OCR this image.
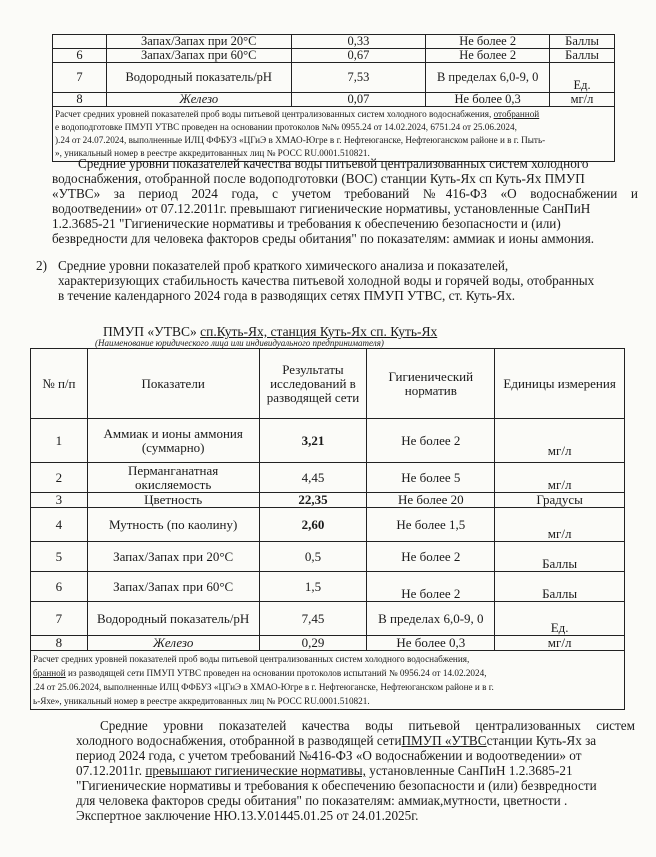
	Запах/Запах при 20°С	0,33	Не более 2	Баллы
6	Запах/Запах при 60°С	0,67	Не более 2	Баллы
7	Водородный показатель/pH	7,53	В пределах 6,0-9, 0	Ед.
8	Железо	0,07	Не более 0,3	мг/л

Расчет средних уровней показателей проб воды питьевой централизованных систем холодного водоснабжения, отобранной
е водоподготовке ПМУП УТВС проведен на основании протоколов №№ 0955.24 от 14.02.2024, 6751.24 от 25.06.2024,
).24 от 24.07.2024, выполненные ИЛЦ ФФБУЗ «ЦГиЭ в ХМАО-Югре в г. Нефтеюганске, Нефтеюганском районе и в г. Пыть-
», уникальный номер в реестре аккредитованных лиц № РОСС RU.0001.510821.				
Средние уровни показателей качества воды питьевой централизованных систем холодного
водоснабжения, отобранной после водоподготовки (ВОС) станции Куть-Ях сп Куть-Ях ПМУП
«УТВС» за период 2024 года, с учетом требований №416-ФЗ «О водоснабжении и
водоотведении» от 07.12.2011г. превышают гигиенические нормативы, установленные СанПиН
1.2.3685-21 "Гигиенические нормативы и требования к обеспечению безопасности и (или)
безвредности для человека факторов среды обитания" по показателям: аммиак и ионы аммония.
2) Средние уровни показателей проб краткого химического анализа и показателей,
характеризующих стабильность качества питьевой холодной воды и горячей воды, отобранных
в течение календарного 2024 года в разводящих сетях ПМУП УТВС, ст. Куть-Ях.
ПМУП «УТВС» сп.Куть-Ях, станция Куть-Ях сп. Куть-Ях
(Наименование юридического лица или индивидуального предпринимателя)
№ п/п	Показатели	Результаты исследований в разводящей сети	Гигиенический норматив	Единицы измерения
1	Аммиак и ионы аммония (суммарно)	3,21	Не более 2	мг/л
2	Перманганатная окисляемость	4,45	Не более 5	мг/л
3	Цветность	22,35	Не более 20	Градусы
4	Мутность (по каолину)	2,60	Не более 1,5	мг/л
5	Запах/Запах при 20°С	0,5	Не более 2	Баллы
6	Запах/Запах при 60°С	1,5	Не более 2	Баллы
7	Водородный показатель/pH	7,45	В пределах 6,0-9, 0	Ед.
8	Железо	0,29	Не более 0,3	мг/л

Расчет средних уровней показателей проб воды питьевой централизованных систем холодного водоснабжения,
бранной из разводящей сети ПМУП УТВС проведен на основании протоколов испытаний № 0956.24 от 14.02.2024,
.24 от 25.06.2024, выполненные ИЛЦ ФФБУЗ «ЦГиЭ в ХМАО-Югре в г. Нефтеюганске, Нефтеюганском районе и в г.
ь-Яхе», уникальный номер в реестре аккредитованных лиц № РОСС RU.0001.510821.				
Средние уровни показателей качества воды питьевой централизованных систем
холодного водоснабжения, отобранной в разводящей сетиПМУП «УТВСстанции Куть-Ях за
период 2024 года, с учетом требований №416-ФЗ «О водоснабжении и водоотведении» от
07.12.2011г. превышают гигиенические нормативы, установленные СанПиН 1.2.3685-21
"Гигиенические нормативы и требования к обеспечению безопасности и (или) безвредности
для человека факторов среды обитания" по показателям: аммиак,мутности, цветности .
Экспертное заключение НЮ.13.У.01445.01.25 от 24.01.2025г.
